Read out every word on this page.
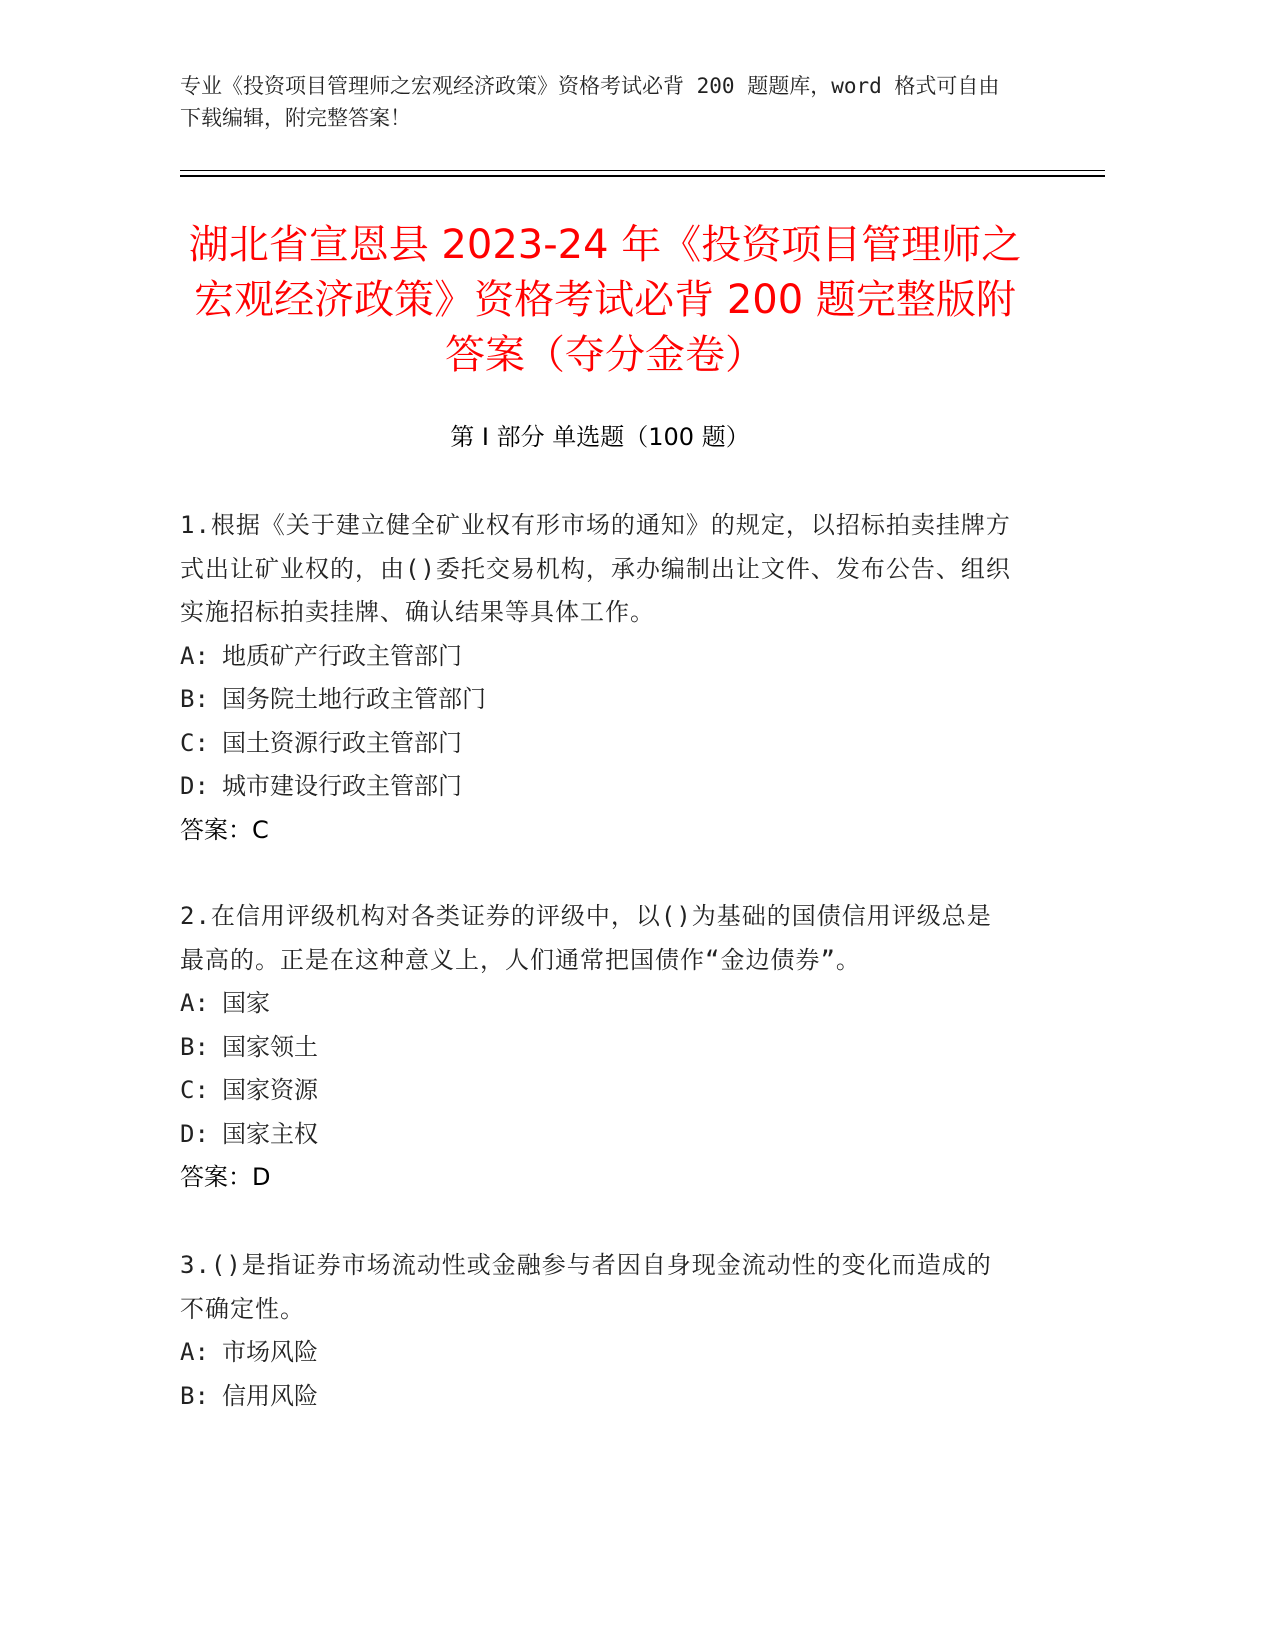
专业《投资项目管理师之宏观经济政策》资格考试必背 200 题题库，word 格式可自由下载编辑，附完整答案！
湖北省宣恩县 2023-24 年《投资项目管理师之宏观经济政策》资格考试必背 200 题完整版附答案（夺分金卷）
第 I 部分 单选题（100 题）
1.根据《关于建立健全矿业权有形市场的通知》的规定，以招标拍卖挂牌方式出让矿业权的，由()委托交易机构，承办编制出让文件、发布公告、组织实施招标拍卖挂牌、确认结果等具体工作。
A: 地质矿产行政主管部门
B: 国务院土地行政主管部门
C: 国土资源行政主管部门
D: 城市建设行政主管部门
答案：C
2.在信用评级机构对各类证券的评级中，以()为基础的国债信用评级总是最高的。正是在这种意义上，人们通常把国债作“金边债券”。
A: 国家
B: 国家领土
C: 国家资源
D: 国家主权
答案：D
3.()是指证券市场流动性或金融参与者因自身现金流动性的变化而造成的不确定性。
A: 市场风险
B: 信用风险
